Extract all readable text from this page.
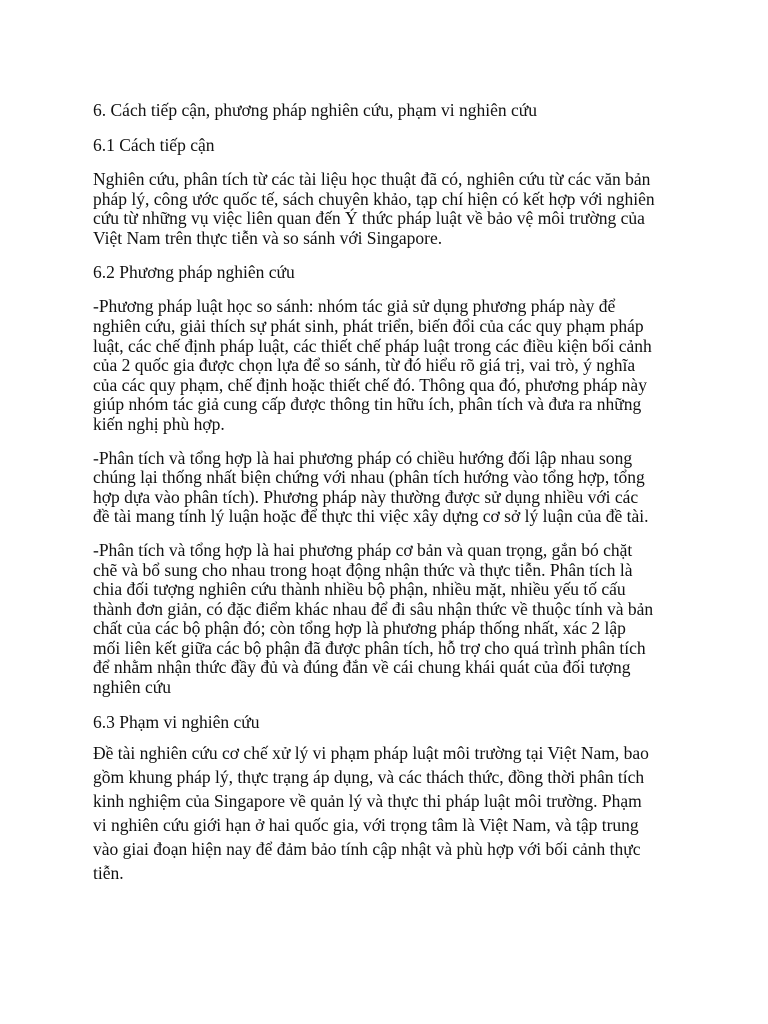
6. Cách tiếp cận, phương pháp nghiên cứu, phạm vi nghiên cứu
6.1 Cách tiếp cận
Nghiên cứu, phân tích từ các tài liệu học thuật đã có, nghiên cứu từ các văn bản
pháp lý, công ước quốc tế, sách chuyên khảo, tạp chí hiện có kết hợp với nghiên
cứu từ những vụ việc liên quan đến Ý thức pháp luật về bảo vệ môi trường của
Việt Nam trên thực tiễn và so sánh với Singapore.
6.2 Phương pháp nghiên cứu
-Phương pháp luật học so sánh: nhóm tác giả sử dụng phương pháp này để
nghiên cứu, giải thích sự phát sinh, phát triển, biến đổi của các quy phạm pháp
luật, các chế định pháp luật, các thiết chế pháp luật trong các điều kiện bối cảnh
của 2 quốc gia được chọn lựa để so sánh, từ đó hiểu rõ giá trị, vai trò, ý nghĩa
của các quy phạm, chế định hoặc thiết chế đó. Thông qua đó, phương pháp này
giúp nhóm tác giả cung cấp được thông tin hữu ích, phân tích và đưa ra những
kiến nghị phù hợp.
-Phân tích và tổng hợp là hai phương pháp có chiều hướng đối lập nhau song
chúng lại thống nhất biện chứng với nhau (phân tích hướng vào tổng hợp, tổng
hợp dựa vào phân tích). Phương pháp này thường được sử dụng nhiều với các
đề tài mang tính lý luận hoặc để thực thi việc xây dựng cơ sở lý luận của đề tài.
-Phân tích và tổng hợp là hai phương pháp cơ bản và quan trọng, gắn bó chặt
chẽ và bổ sung cho nhau trong hoạt động nhận thức và thực tiễn. Phân tích là
chia đối tượng nghiên cứu thành nhiều bộ phận, nhiều mặt, nhiều yếu tố cấu
thành đơn giản, có đặc điểm khác nhau để đi sâu nhận thức về thuộc tính và bản
chất của các bộ phận đó; còn tổng hợp là phương pháp thống nhất, xác 2 lập
mối liên kết giữa các bộ phận đã được phân tích, hỗ trợ cho quá trình phân tích
để nhằm nhận thức đầy đủ và đúng đắn về cái chung khái quát của đối tượng
nghiên cứu
6.3 Phạm vi nghiên cứu
Đề tài nghiên cứu cơ chế xử lý vi phạm pháp luật môi trường tại Việt Nam, bao
gồm khung pháp lý, thực trạng áp dụng, và các thách thức, đồng thời phân tích
kinh nghiệm của Singapore về quản lý và thực thi pháp luật môi trường. Phạm
vi nghiên cứu giới hạn ở hai quốc gia, với trọng tâm là Việt Nam, và tập trung
vào giai đoạn hiện nay để đảm bảo tính cập nhật và phù hợp với bối cảnh thực
tiễn.
